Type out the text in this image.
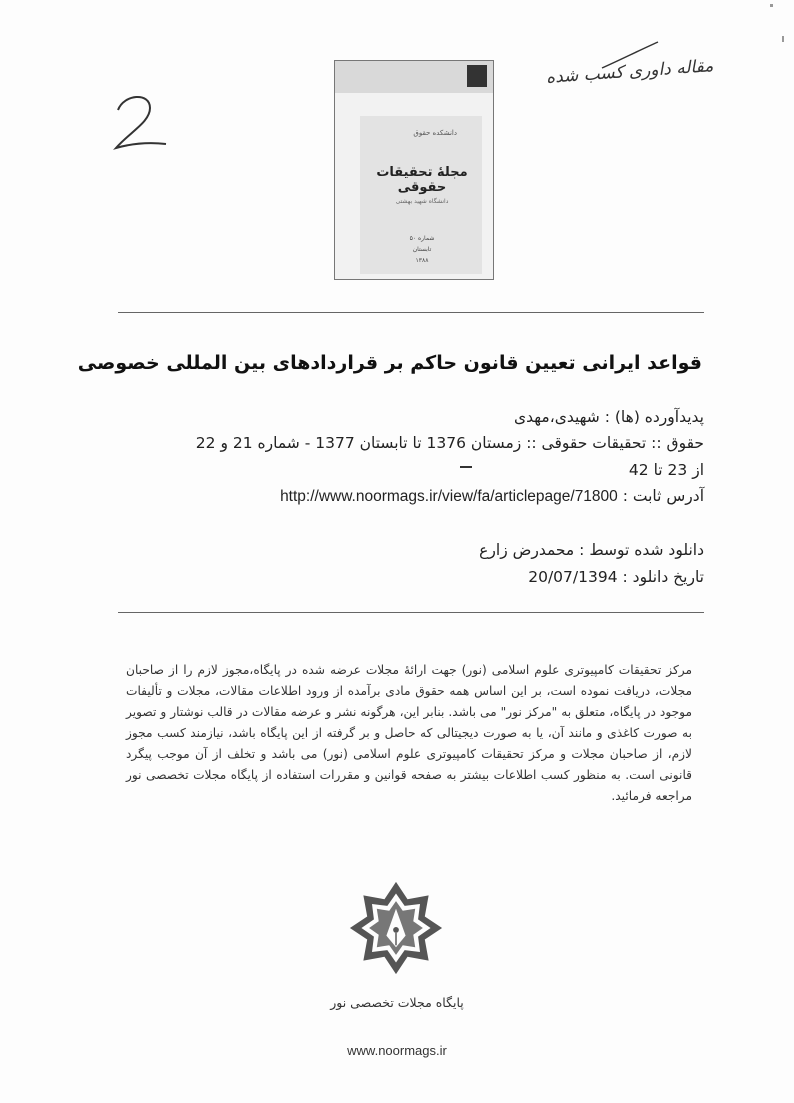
مقاله داوری کسب شده
دانشکده حقوق
مجلهٔ تحقیقات حقوقی
دانشگاه شهید بهشتی
شماره ۵۰
تابستان
۱۳۸۸
قواعد ایرانی تعیین قانون حاکم بر قراردادهای بین المللی خصوصی
پدیدآورده (ها) : شهیدی،مهدی
حقوق :: تحقیقات حقوقی :: زمستان 1376 تا تابستان 1377 - شماره 21 و 22
از 23 تا 42
آدرس ثابت : http://www.noormags.ir/view/fa/articlepage/71800
دانلود شده توسط : محمدرض زارع
تاریخ دانلود : 20/07/1394
مرکز تحقیقات کامپیوتری علوم اسلامی (نور) جهت ارائهٔ مجلات عرضه شده در پایگاه،مجوز لازم را از صاحبان مجلات، دریافت نموده است، بر این اساس همه حقوق مادی برآمده از ورود اطلاعات مقالات، مجلات و تألیفات موجود در پایگاه، متعلق به "مرکز نور" می باشد. بنابر این، هرگونه نشر و عرضه مقالات در قالب نوشتار و تصویر به صورت کاغذی و مانند آن، یا به صورت دیجیتالی که حاصل و بر گرفته از این پایگاه باشد، نیازمند کسب مجوز لازم، از صاحبان مجلات و مرکز تحقیقات کامپیوتری علوم اسلامی (نور) می باشد و تخلف از آن موجب پیگرد قانونی است. به منظور کسب اطلاعات بیشتر به صفحه قوانین و مقررات استفاده از پایگاه مجلات تخصصی نور مراجعه فرمائید.
پایگاه مجلات تخصصی نور
www.noormags.ir
